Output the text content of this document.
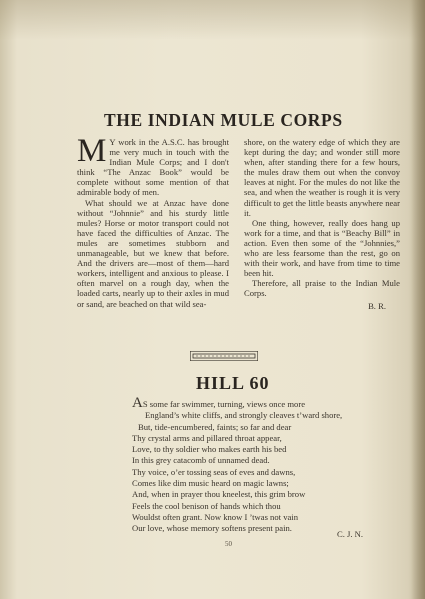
THE INDIAN MULE CORPS

M Y work in the A.S.C. has brought me very much in touch with the Indian Mule Corps; and I don't think “The Anzac Book” would be complete without some mention of that admirable body of men.

What should we at Anzac have done without “Johnnie” and his sturdy little mules? Horse or motor transport could not have faced the difficulties of Anzac. The mules are sometimes stubborn and unmanageable, but we knew that before. And the drivers are—most of them—hard workers, intelligent and anxious to please. I often marvel on a rough day, when the loaded carts, nearly up to their axles in mud or sand, are beached on that wild sea-

shore, on the watery edge of which they are kept during the day; and wonder still more when, after standing there for a few hours, the mules draw them out when the convoy leaves at night. For the mules do not like the sea, and when the weather is rough it is very difficult to get the little beasts anywhere near it.

One thing, however, really does hang up work for a time, and that is “Beachy Bill” in action. Even then some of the “Johnnies,” who are less fearsome than the rest, go on with their work, and have from time to time been hit.

Therefore, all praise to the Indian Mule Corps.

B. R.

HILL 60
AS some far swimmer, turning, views once more
England’s white cliffs, and strongly cleaves t’ward shore,
But, tide-encumbered, faints; so far and dear
Thy crystal arms and pillared throat appear,
Love, to thy soldier who makes earth his bed
In this grey catacomb of unnamed dead.
Thy voice, o’er tossing seas of eves and dawns,
Comes like dim music heard on magic lawns;
And, when in prayer thou kneelest, this grim brow
Feels the cool benison of hands which thou
Wouldst often grant. Now know I ’twas not vain
Our love, whose memory softens present pain.
C. J. N.
50
